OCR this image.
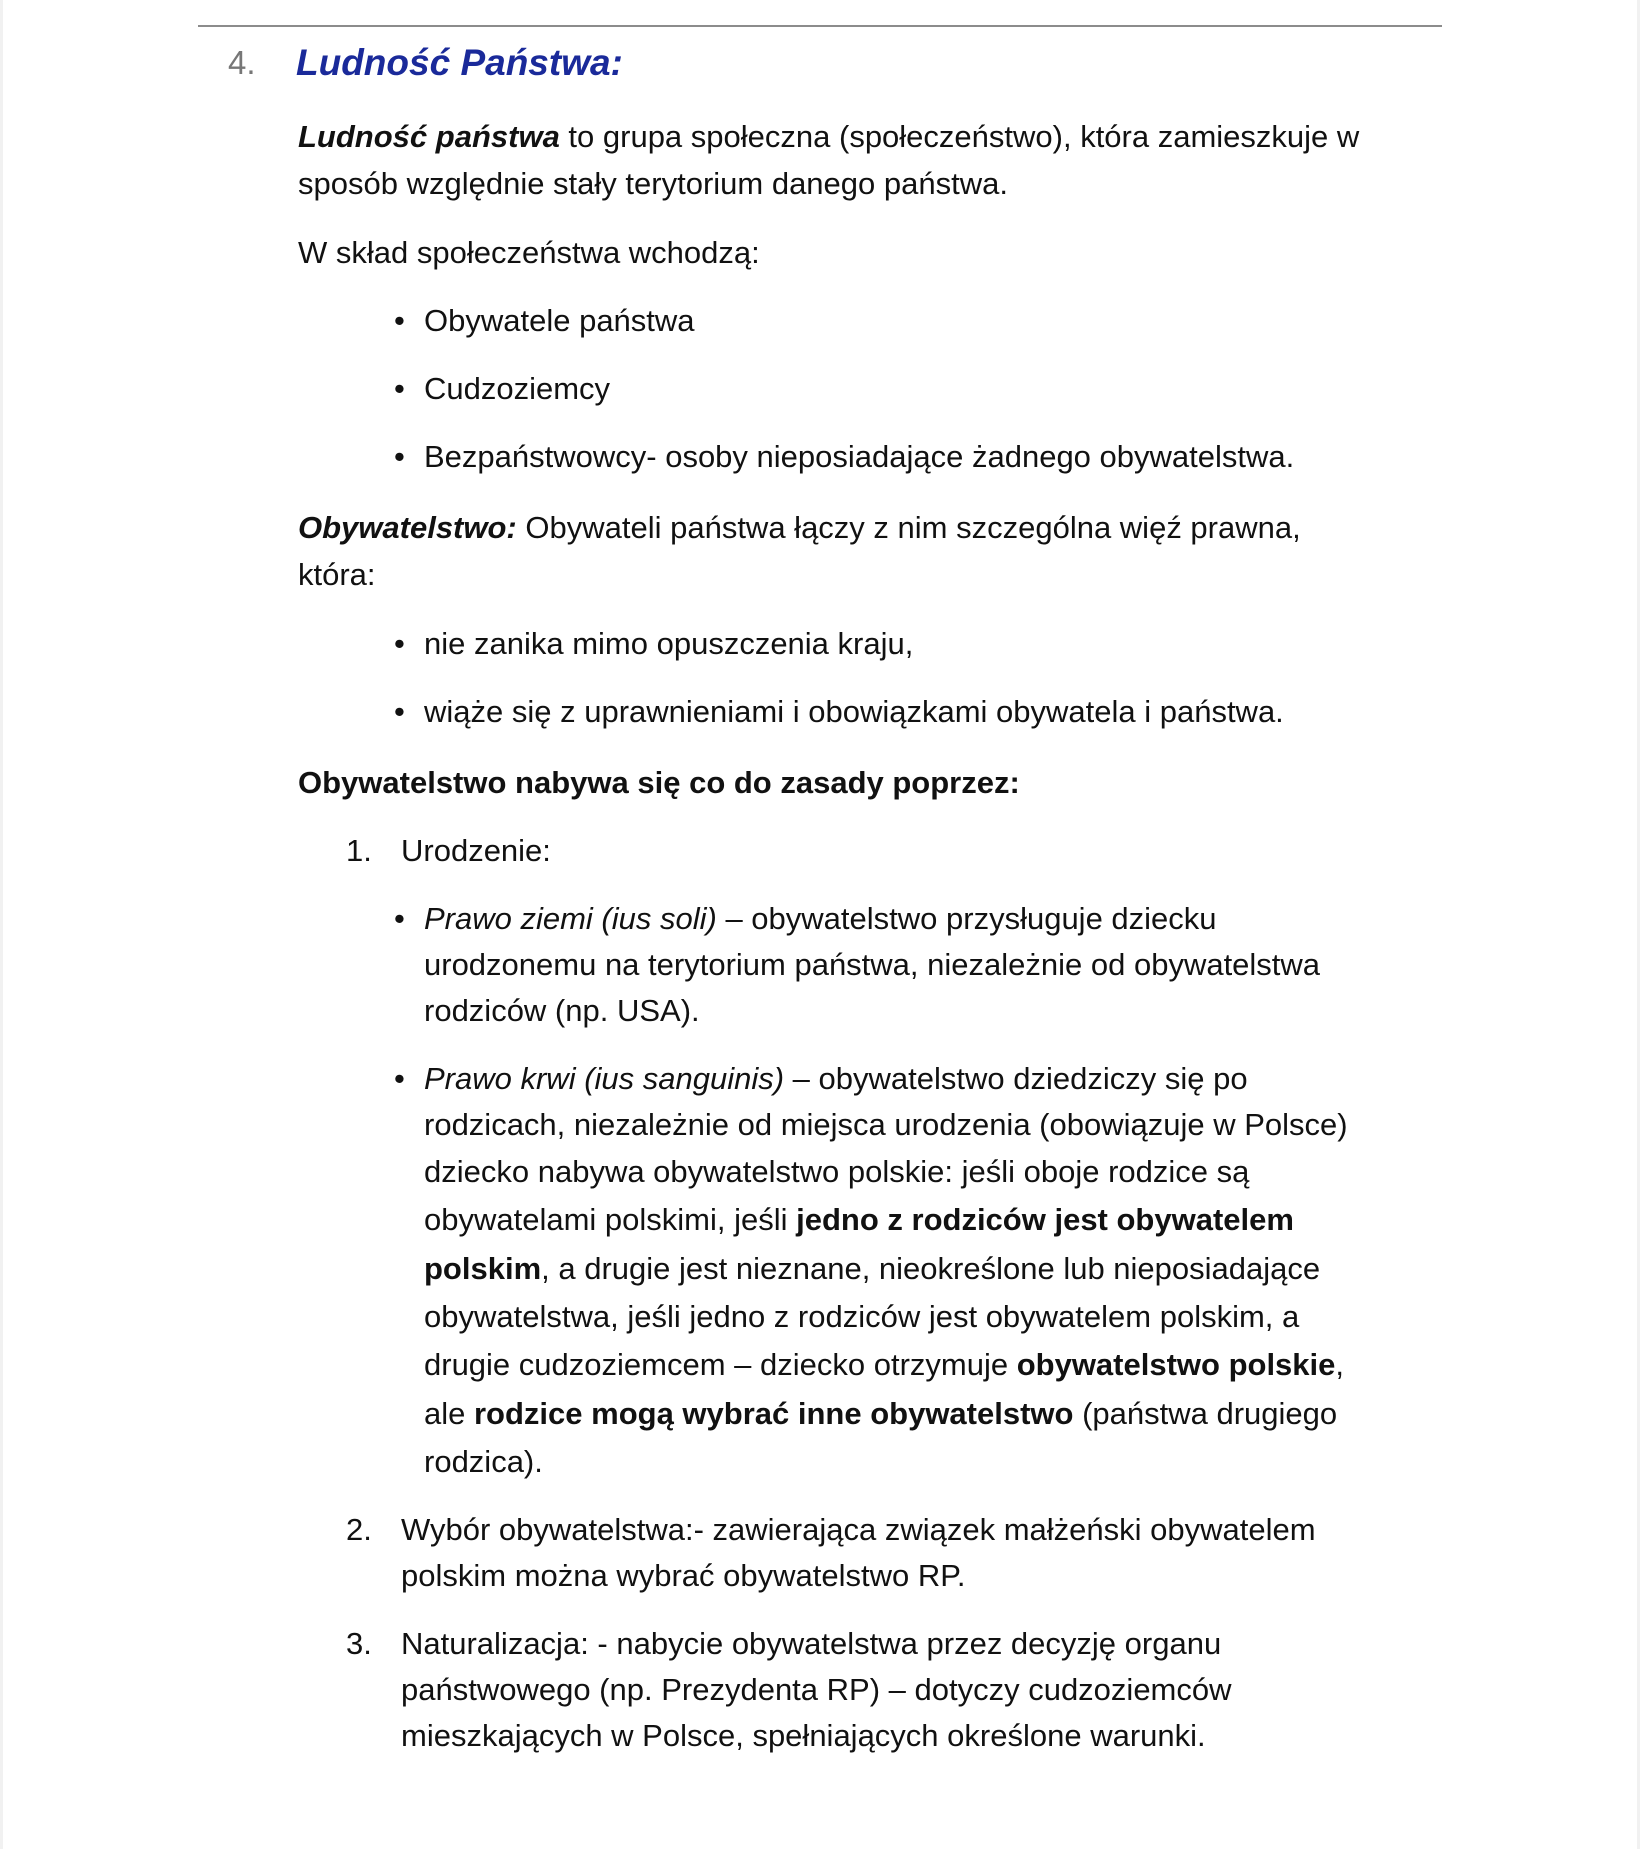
4.	Ludność Państwa:
Ludność państwa to grupa społeczna (społeczeństwo), która zamieszkuje w
sposób względnie stały terytorium danego państwa.
W skład społeczeństwa wchodzą:
• Obywatele państwa
• Cudzoziemcy
• Bezpaństwowcy- osoby nieposiadające żadnego obywatelstwa.
Obywatelstwo: Obywateli państwa łączy z nim szczególna więź prawna,
która:
• nie zanika mimo opuszczenia kraju,
• wiąże się z uprawnieniami i obowiązkami obywatela i państwa.
Obywatelstwo nabywa się co do zasady poprzez:
1. Urodzenie:
• Prawo ziemi (ius soli) – obywatelstwo przysługuje dziecku
urodzonemu na terytorium państwa, niezależnie od obywatelstwa
rodziców (np. USA).
• Prawo krwi (ius sanguinis) – obywatelstwo dziedziczy się po
rodzicach, niezależnie od miejsca urodzenia (obowiązuje w Polsce)
dziecko nabywa obywatelstwo polskie: jeśli oboje rodzice są
obywatelami polskimi, jeśli jedno z rodziców jest obywatelem
polskim, a drugie jest nieznane, nieokreślone lub nieposiadające
obywatelstwa, jeśli jedno z rodziców jest obywatelem polskim, a
drugie cudzoziemcem – dziecko otrzymuje obywatelstwo polskie,
ale rodzice mogą wybrać inne obywatelstwo (państwa drugiego
rodzica).
2. Wybór obywatelstwa:- zawierająca związek małżeński obywatelem
polskim można wybrać obywatelstwo RP.
3. Naturalizacja: - nabycie obywatelstwa przez decyzję organu
państwowego (np. Prezydenta RP) – dotyczy cudzoziemców
mieszkających w Polsce, spełniających określone warunki.
